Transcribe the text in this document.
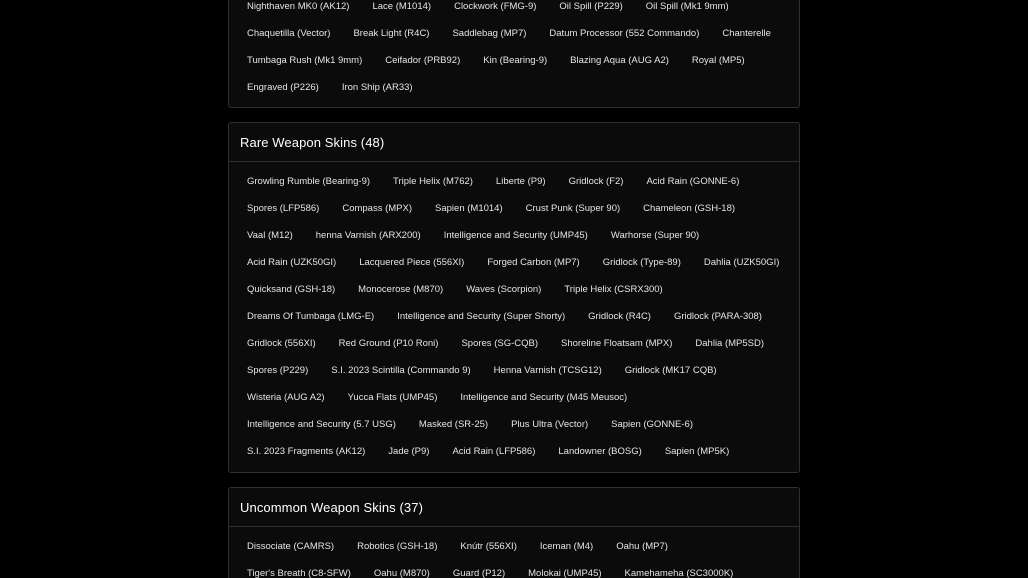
Nighthaven MK0 (AK12) Lace (M1014) Clockwork (FMG-9) Oil Spill (P229) Oil Spill (Mk1 9mm)
Chaquetilla (Vector) Break Light (R4C) Saddlebag (MP7) Datum Processor (552 Commando) Chanterelle
Tumbaga Rush (Mk1 9mm) Ceifador (PRB92) Kin (Bearing-9) Blazing Aqua (AUG A2) Royal (MP5)
Engraved (P226) Iron Ship (AR33)
Rare Weapon Skins (48)
Growling Rumble (Bearing-9) Triple Helix (M762) Liberte (P9) Gridlock (F2) Acid Rain (GONNE-6)
Spores (LFP586) Compass (MPX) Sapien (M1014) Crust Punk (Super 90) Chameleon (GSH-18)
Vaal (M12) henna Varnish (ARX200) Intelligence and Security (UMP45) Warhorse (Super 90)
Acid Rain (UZK50GI) Lacquered Piece (556XI) Forged Carbon (MP7) Gridlock (Type-89) Dahlia (UZK50GI)
Quicksand (GSH-18) Monocerose (M870) Waves (Scorpion) Triple Helix (CSRX300)
Dreams Of Tumbaga (LMG-E) Intelligence and Security (Super Shorty) Gridlock (R4C) Gridlock (PARA-308)
Gridlock (556XI) Red Ground (P10 Roni) Spores (SG-CQB) Shoreline Floatsam (MPX) Dahlia (MP5SD)
Spores (P229) S.I. 2023 Scintilla (Commando 9) Henna Varnish (TCSG12) Gridlock (MK17 CQB)
Wisteria (AUG A2) Yucca Flats (UMP45) Intelligence and Security (M45 Meusoc)
Intelligence and Security (5.7 USG) Masked (SR-25) Plus Ultra (Vector) Sapien (GONNE-6)
S.I. 2023 Fragments (AK12) Jade (P9) Acid Rain (LFP586) Landowner (BOSG) Sapien (MP5K)
Uncommon Weapon Skins (37)
Dissociate (CAMRS) Robotics (GSH-18) Knútr (556XI) Iceman (M4) Oahu (MP7)
Tiger's Breath (C8-SFW) Oahu (M870) Guard (P12) Molokai (UMP45) Kamehameha (SC3000K)
